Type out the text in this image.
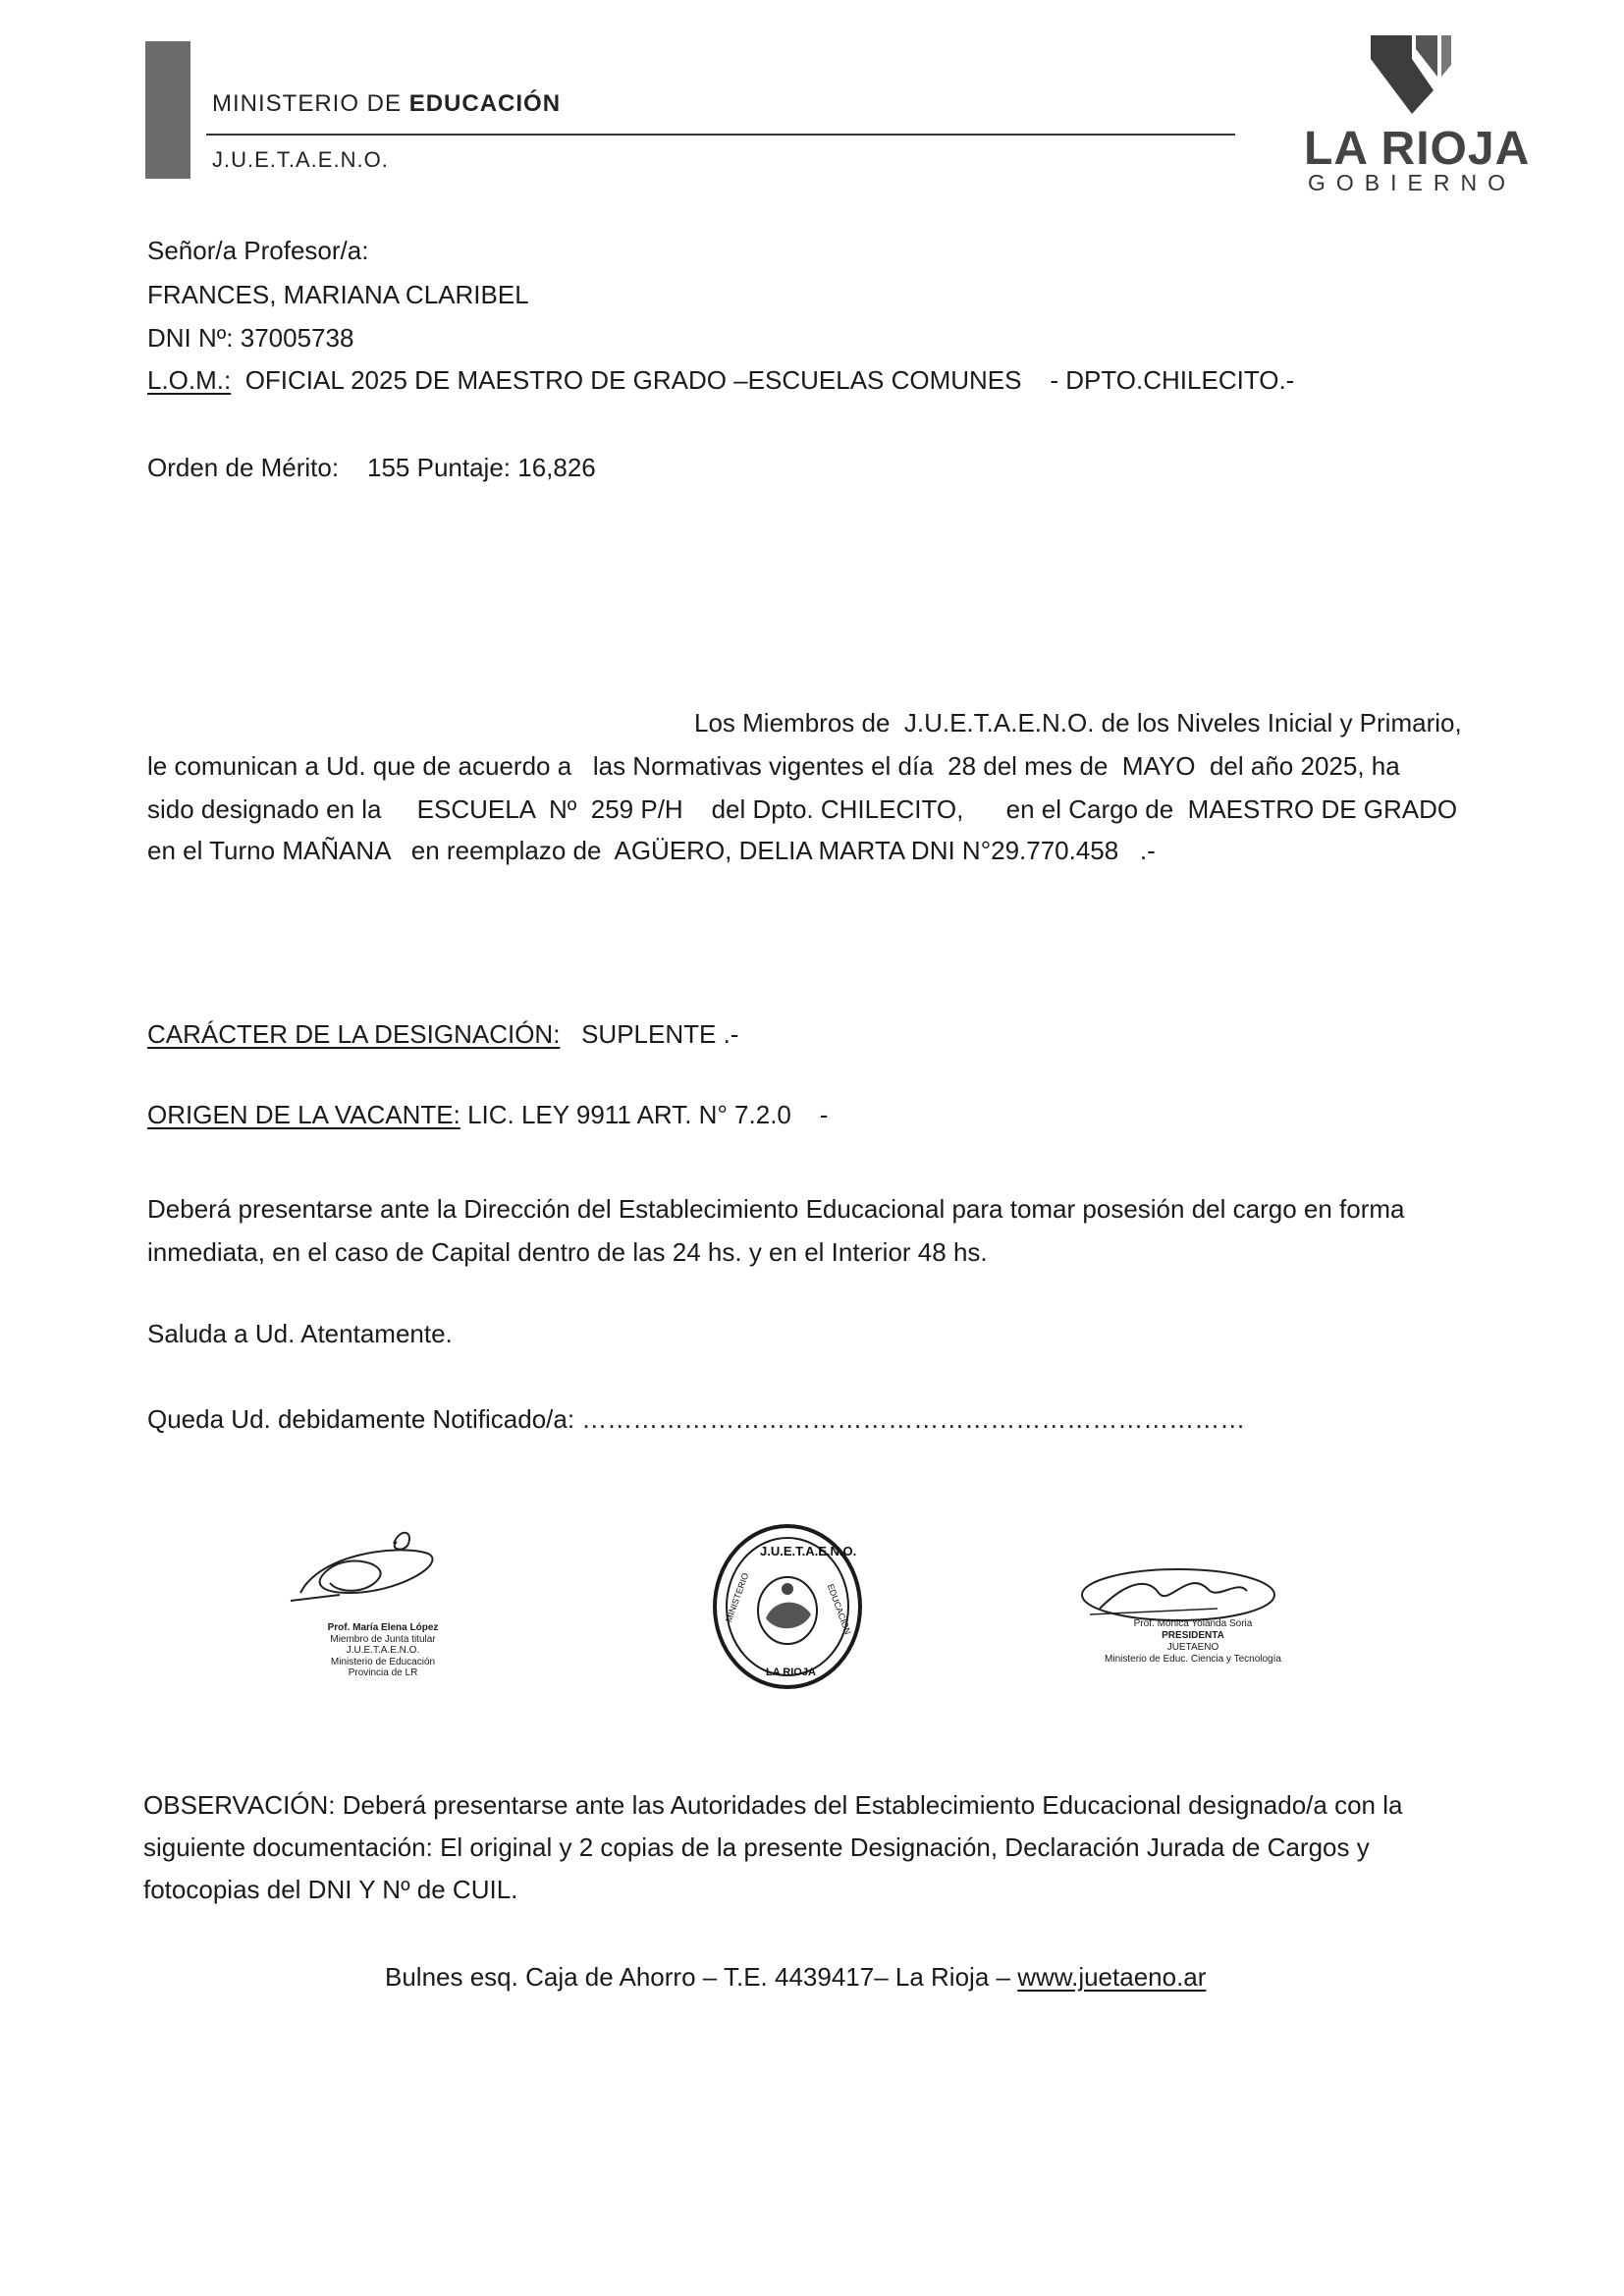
MINISTERIO DE EDUCACIÓN
J.U.E.T.A.E.N.O.	LA RIOJA
GOBIERNO
Señor/a Profesor/a:
FRANCES, MARIANA CLARIBEL
DNI Nº: 37005738
L.O.M.: OFICIAL 2025 DE MAESTRO DE GRADO –ESCUELAS COMUNES    - DPTO.CHILECITO.-
Orden de Mérito: 155 Puntaje: 16,826
Los Miembros de  J.U.E.T.A.E.N.O. de los Niveles Inicial y Primario,
le comunican a Ud. que de acuerdo a   las Normativas vigentes el día  28 del mes de  MAYO  del año 2025, ha
sido designado en la     ESCUELA  Nº  259 P/H    del Dpto. CHILECITO,      en el Cargo de  MAESTRO DE GRADO
en el Turno MAÑANA   en reemplazo de  AGÜERO, DELIA MARTA DNI N°29.770.458   .-
CARÁCTER DE LA DESIGNACIÓN: SUPLENTE .-
ORIGEN DE LA VACANTE: LIC. LEY 9911 ART. N° 7.2.0    -
Deberá presentarse ante la Dirección del Establecimiento Educacional para tomar posesión del cargo en forma
inmediata, en el caso de Capital dentro de las 24 hs. y en el Interior 48 hs.
Saluda a Ud. Atentamente.
Queda Ud. debidamente Notificado/a: ……………………………………………………………………
Prof. María Elena López
Miembro de Junta titular
J.U.E.T.A.E.N.O.
Ministerio de Educación
Provincia de LR
J.U.E.T.A.E.N.O.
MINISTERIO	EDUCACION
LA RIOJA
Prof. Mónica Yolanda Soria
PRESIDENTA
JUETAENO
Ministerio de Educ. Ciencia y Tecnología
OBSERVACIÓN: Deberá presentarse ante las Autoridades del Establecimiento Educacional designado/a con la
siguiente documentación: El original y 2 copias de la presente Designación, Declaración Jurada de Cargos y
fotocopias del DNI Y Nº de CUIL.
Bulnes esq. Caja de Ahorro – T.E. 4439417– La Rioja – www.juetaeno.ar
